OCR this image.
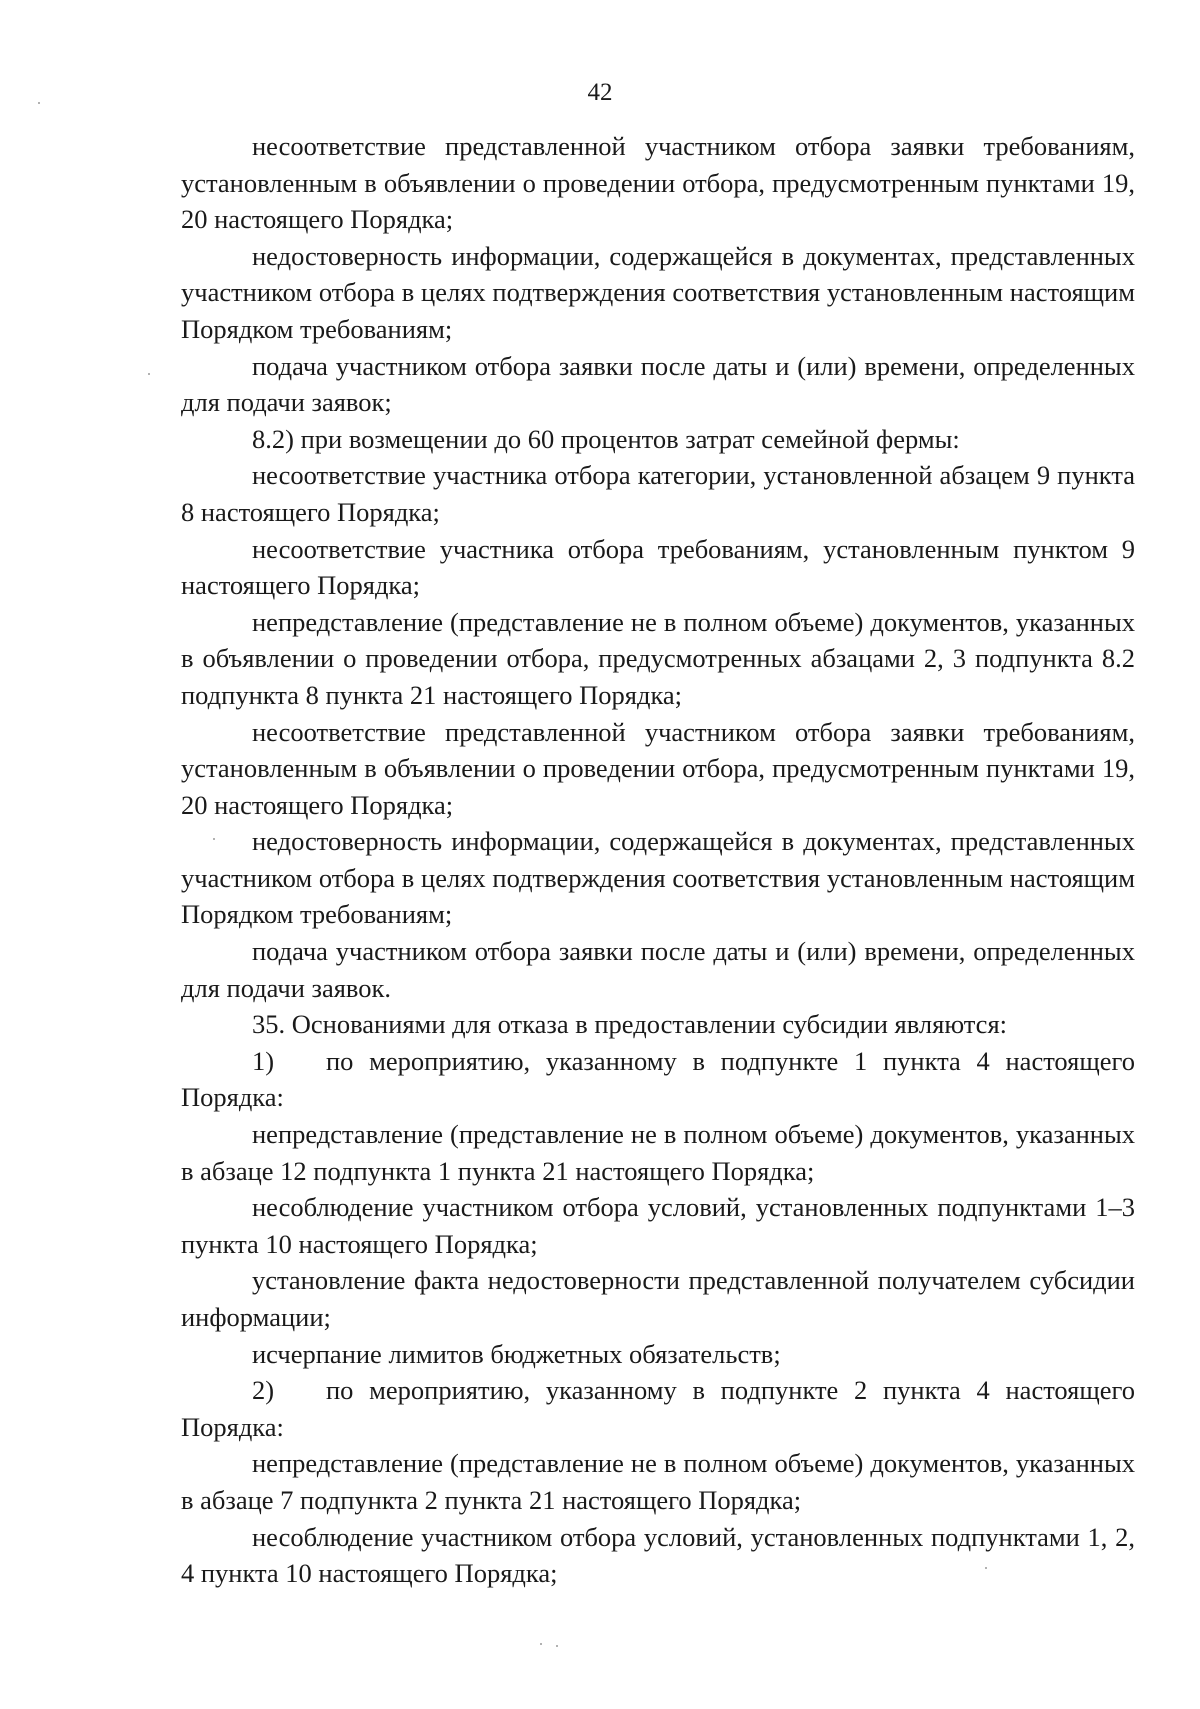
42

несоответствие представленной участником отбора заявки требованиям, установленным в объявлении о проведении отбора, предусмотренным пунктами 19, 20 настоящего Порядка;

недостоверность информации, содержащейся в документах, представленных участником отбора в целях подтверждения соответствия установленным настоящим Порядком требованиям;

подача участником отбора заявки после даты и (или) времени, определенных для подачи заявок;

8.2) при возмещении до 60 процентов затрат семейной фермы:

несоответствие участника отбора категории, установленной абзацем 9 пункта 8 настоящего Порядка;

несоответствие участника отбора требованиям, установленным пунктом 9 настоящего Порядка;

непредставление (представление не в полном объеме) документов, указанных в объявлении о проведении отбора, предусмотренных абзацами 2, 3 подпункта 8.2 подпункта 8 пункта 21 настоящего Порядка;

несоответствие представленной участником отбора заявки требованиям, установленным в объявлении о проведении отбора, предусмотренным пунктами 19, 20 настоящего Порядка;

недостоверность информации, содержащейся в документах, представленных участником отбора в целях подтверждения соответствия установленным настоящим Порядком требованиям;

подача участником отбора заявки после даты и (или) времени, определенных для подачи заявок.

35. Основаниями для отказа в предоставлении субсидии являются:

1) по мероприятию, указанному в подпункте 1 пункта 4 настоящего Порядка:

непредставление (представление не в полном объеме) документов, указанных в абзаце 12 подпункта 1 пункта 21 настоящего Порядка;

несоблюдение участником отбора условий, установленных подпунктами 1–3 пункта 10 настоящего Порядка;

установление факта недостоверности представленной получателем субсидии информации;

исчерпание лимитов бюджетных обязательств;

2) по мероприятию, указанному в подпункте 2 пункта 4 настоящего Порядка:

непредставление (представление не в полном объеме) документов, указанных в абзаце 7 подпункта 2 пункта 21 настоящего Порядка;

несоблюдение участником отбора условий, установленных подпунктами 1, 2, 4 пункта 10 настоящего Порядка;
